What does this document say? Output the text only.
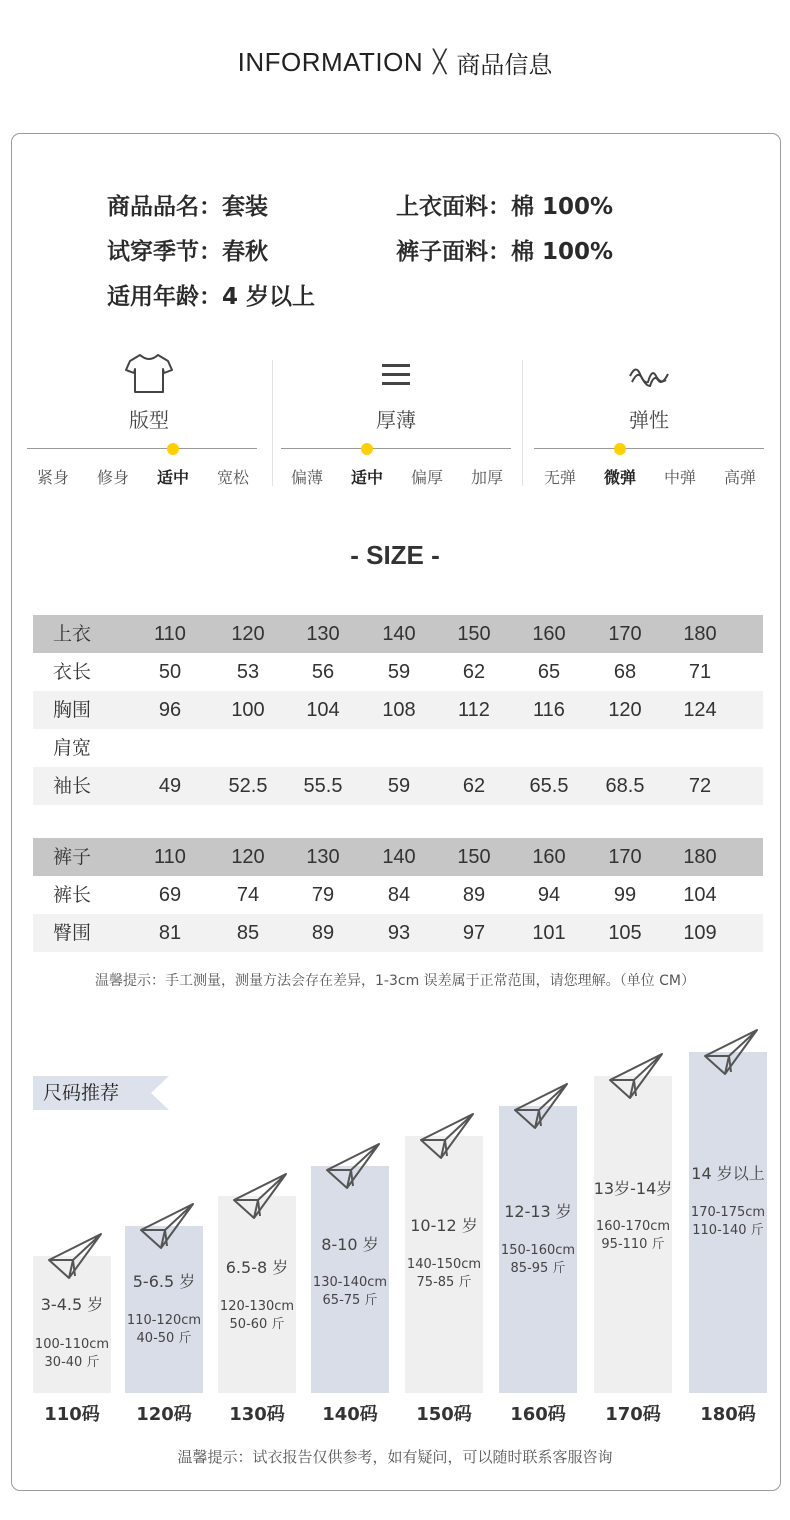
INFORMATION ╳ 商品信息
商品品名：套装	上衣面料：棉 100%
试穿季节：春秋	裤子面料：棉 100%
适用年龄：4 岁以上
版型	厚薄	弹性
紧身	修身	适中	宽松	偏薄	适中	偏厚	加厚	无弹	微弹	中弹	高弹
- SIZE -
上衣	110	120	130	140	150	160	170	180
衣长	50	53	56	59	62	65	68	71
胸围	96	100	104	108	112	116	120	124
肩宽
袖长	49	52.5	55.5	59	62	65.5	68.5	72
裤子	110	120	130	140	150	160	170	180
裤长	69	74	79	84	89	94	99	104
臀围	81	85	89	93	97	101	105	109
温馨提示：手工测量，测量方法会存在差异，1-3cm 误差属于正常范围，请您理解。（单位 CM）
尺码推荐
3-4.5 岁
100-110cm
30-40 斤
110码
5-6.5 岁
110-120cm
40-50 斤
120码
6.5-8 岁
120-130cm
50-60 斤
130码
8-10 岁
130-140cm
65-75 斤
140码
10-12 岁
140-150cm
75-85 斤
150码
12-13 岁
150-160cm
85-95 斤
160码
13岁-14岁
160-170cm
95-110 斤
170码
14 岁以上
170-175cm
110-140 斤
180码
温馨提示：试衣报告仅供参考，如有疑问，可以随时联系客服咨询
